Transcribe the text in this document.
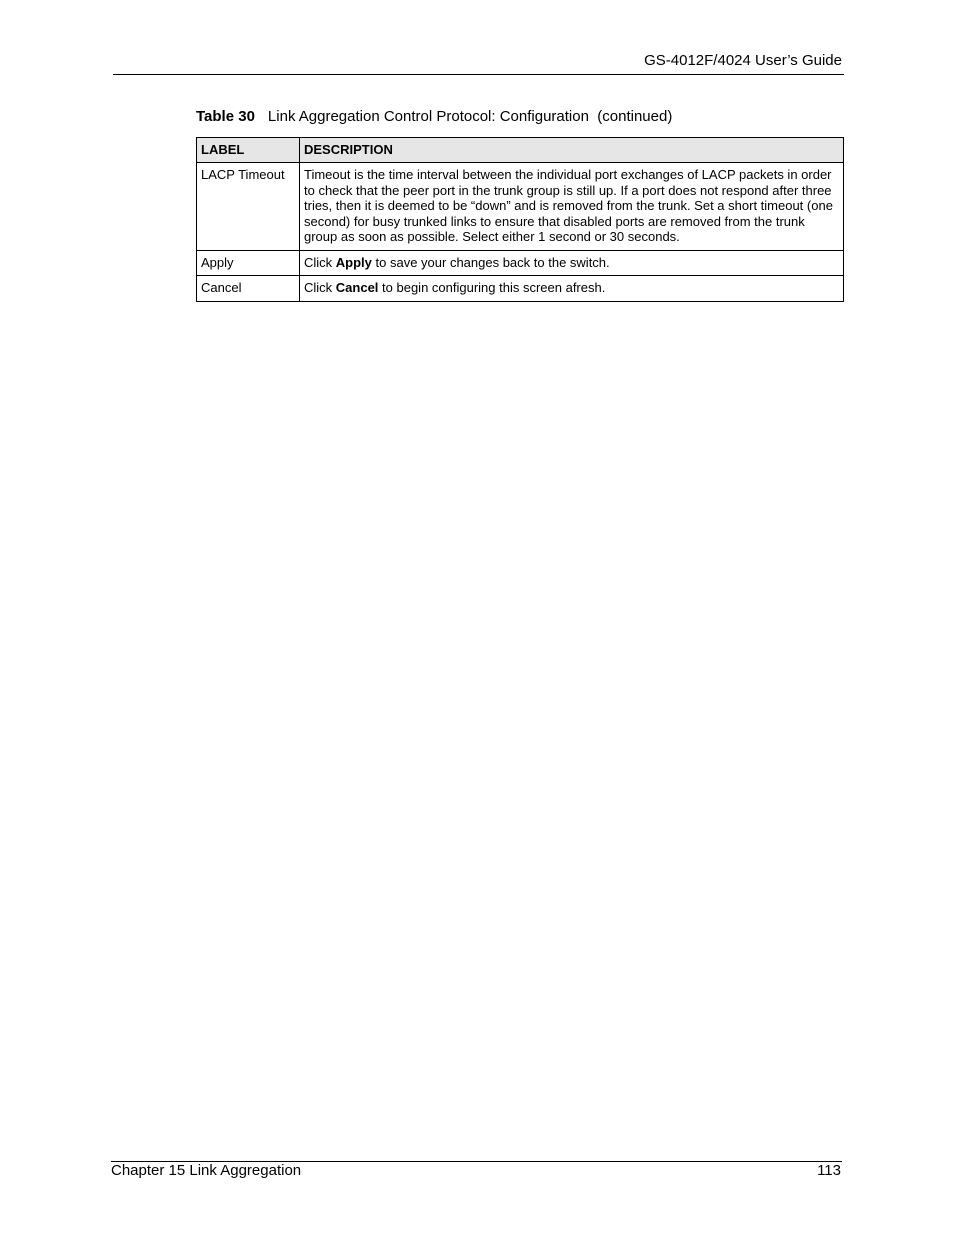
GS-4012F/4024 User’s Guide
Table 30 Link Aggregation Control Protocol: Configuration  (continued)
LABEL	DESCRIPTION
LACP Timeout	Timeout is the time interval between the individual port exchanges of LACP packets in order to check that the peer port in the trunk group is still up. If a port does not respond after three tries, then it is deemed to be “down” and is removed from the trunk. Set a short timeout (one second) for busy trunked links to ensure that disabled ports are removed from the trunk group as soon as possible. Select either 1 second or 30 seconds.
Apply	Click Apply to save your changes back to the switch.
Cancel	Click Cancel to begin configuring this screen afresh.
Chapter 15 Link Aggregation	113
